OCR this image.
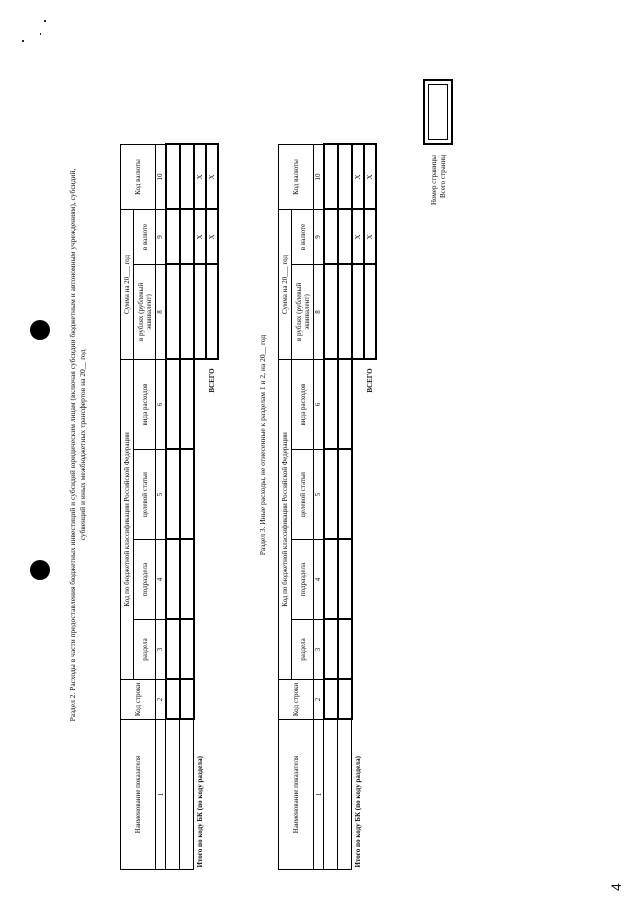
Раздел 2. Расходы в части предоставления бюджетных инвестиций и субсидий юридическим лицам (включая субсидии бюджетным и автономным учреждениям), субсидий, субвенций и иных межбюджетных трансфертов на 20__ год
Наименование показателя	Код строки	Код по бюджетной классификации Российской Федерации				Сумма на 20___ год		Код валюты
		раздела	подраздела	целевой статьи	вида расходов	в рублях (рублевый эквивалент)	в валюте	
1	2	3	4	5	6	8	9	10

Итого по коду БК (по коду раздела)							X	X
ВСЕГО							X	X
Раздел 3. Иные расходы, не отнесенные к разделам 1 и 2, на 20__ год
Наименование показателя	Код строки	Код по бюджетной классификации Российской Федерации				Сумма на 20___ год		Код валюты
		раздела	подраздела	целевой статьи	вида расходов	в рублях (рублевый эквивалент)	в валюте	
1	2	3	4	5	6	8	9	10

Итого по коду БК (по коду раздела)							X	X
ВСЕГО							X	X	Номер страницы Всего страниц
4
